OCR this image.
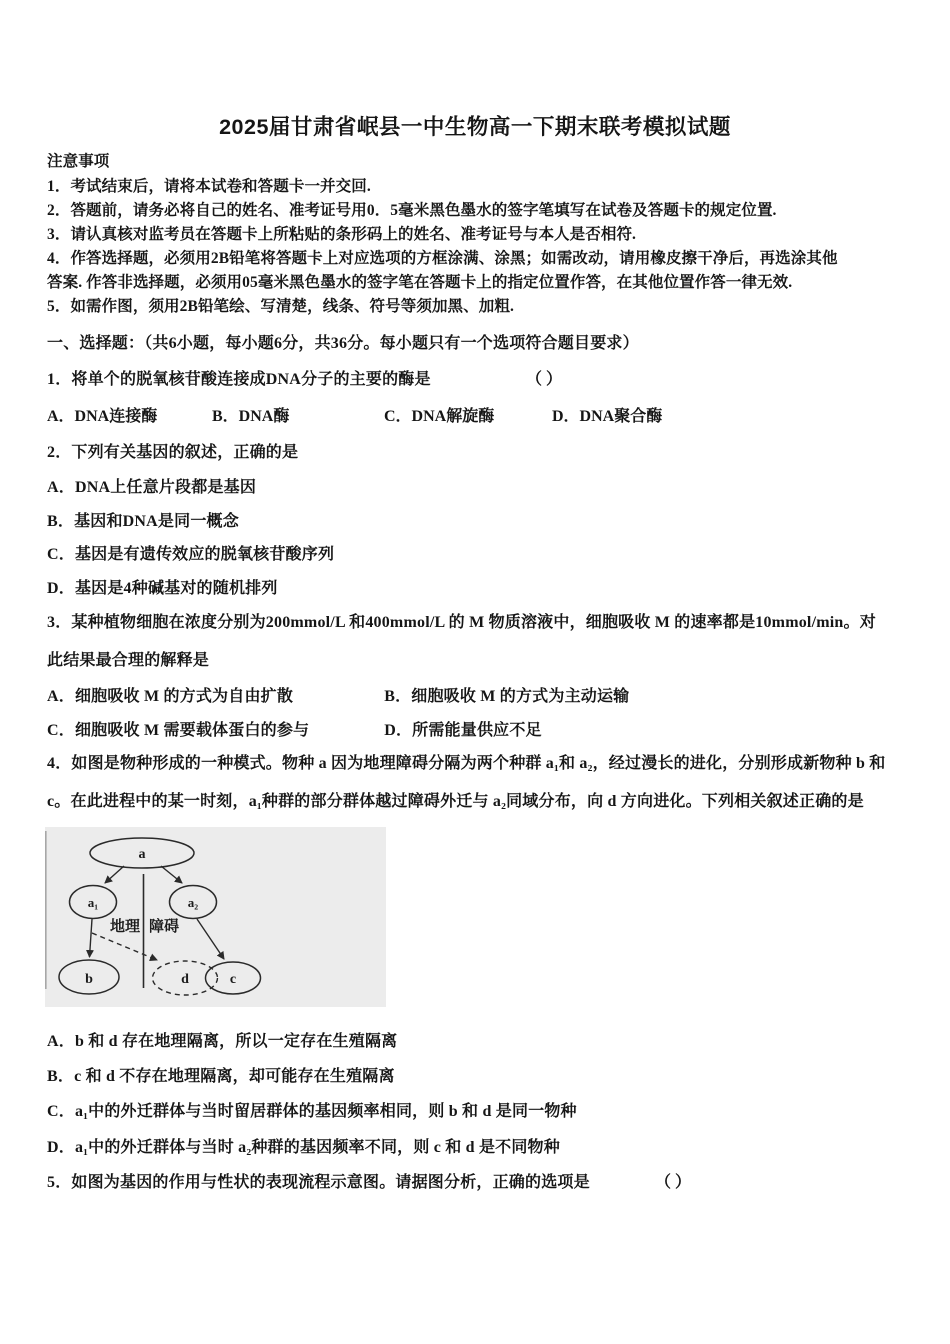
2025届甘肃省岷县一中生物高一下期末联考模拟试题
注意事项
1．考试结束后，请将本试卷和答题卡一并交回.
2．答题前，请务必将自己的姓名、准考证号用0．5毫米黑色墨水的签字笔填写在试卷及答题卡的规定位置.
3．请认真核对监考员在答题卡上所粘贴的条形码上的姓名、准考证号与本人是否相符.
4．作答选择题，必须用2B铅笔将答题卡上对应选项的方框涂满、涂黑；如需改动，请用橡皮擦干净后，再选涂其他
答案. 作答非选择题，必须用05毫米黑色墨水的签字笔在答题卡上的指定位置作答，在其他位置作答一律无效.
5．如需作图，须用2B铅笔绘、写清楚，线条、符号等须加黑、加粗.
一、选择题：（共6小题，每小题6分，共36分。每小题只有一个选项符合题目要求）
1．将单个的脱氧核苷酸连接成DNA分子的主要的酶是	（ ）
A．DNA连接酶	B．DNA酶	C．DNA解旋酶	D．DNA聚合酶
2．下列有关基因的叙述，正确的是
A．DNA上任意片段都是基因
B．基因和DNA是同一概念
C．基因是有遗传效应的脱氧核苷酸序列
D．基因是4种碱基对的随机排列
3．某种植物细胞在浓度分别为200mmol/L 和400mmol/L 的 M 物质溶液中，细胞吸收 M 的速率都是10mmol/min。对
此结果最合理的解释是
A．细胞吸收 M 的方式为自由扩散	B．细胞吸收 M 的方式为主动运输
C．细胞吸收 M 需要载体蛋白的参与	D．所需能量供应不足
4．如图是物种形成的一种模式。物种 a 因为地理障碍分隔为两个种群 a₁和 a₂，经过漫长的进化，分别形成新物种 b 和
c。在此进程中的某一时刻，a₁种群的部分群体越过障碍外迁与 a₂同域分布，向 d 方向进化。下列相关叙述正确的是
a
a₁	a₂
b	c
d
地理 障碍
A．b 和 d 存在地理隔离，所以一定存在生殖隔离
B．c 和 d 不存在地理隔离，却可能存在生殖隔离
C．a₁中的外迁群体与当时留居群体的基因频率相同，则 b 和 d 是同一物种
D．a₁中的外迁群体与当时 a₂种群的基因频率不同，则 c 和 d 是不同物种
5．如图为基因的作用与性状的表现流程示意图。请据图分析，正确的选项是	（ ）
